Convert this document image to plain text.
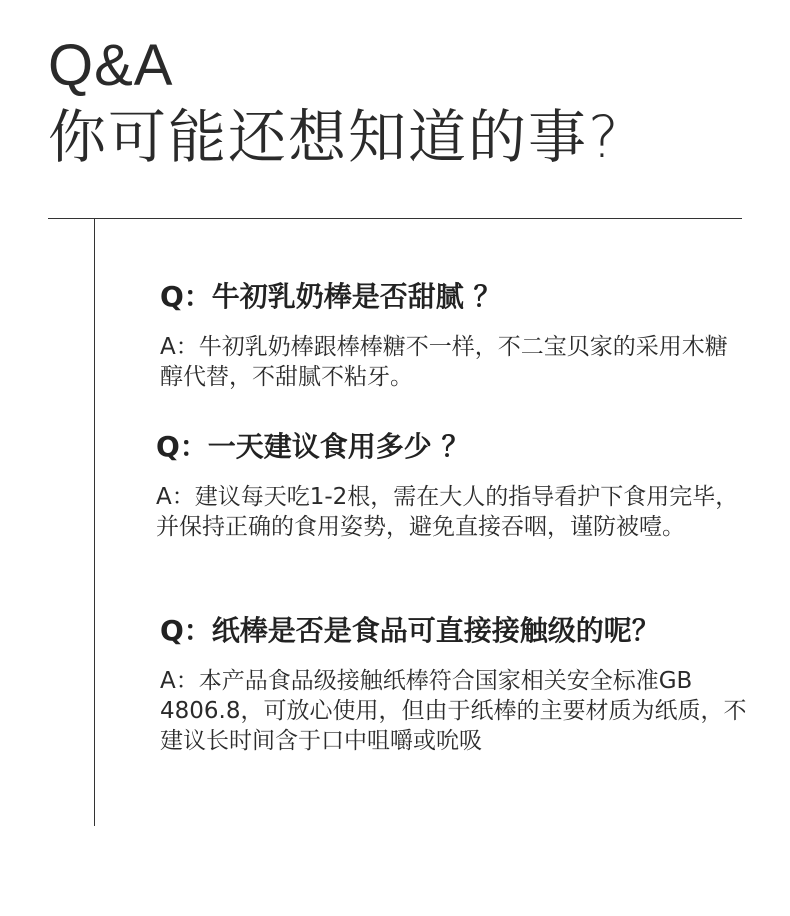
Q&A
你可能还想知道的事?
Q：牛初乳奶棒是否甜腻 ？
A：牛初乳奶棒跟棒棒糖不一样，不二宝贝家的采用木糖醇代替，不甜腻不粘牙。
Q：一天建议食用多少 ？
A：建议每天吃1-2根，需在大人的指导看护下食用完毕，并保持正确的食用姿势，避免直接吞咽，谨防被噎。
Q：纸棒是否是食品可直接接触级的呢？
A：本产品食品级接触纸棒符合国家相关安全标准GB 4806.8，可放心使用，但由于纸棒的主要材质为纸质，不建议长时间含于口中咀嚼或吮吸
